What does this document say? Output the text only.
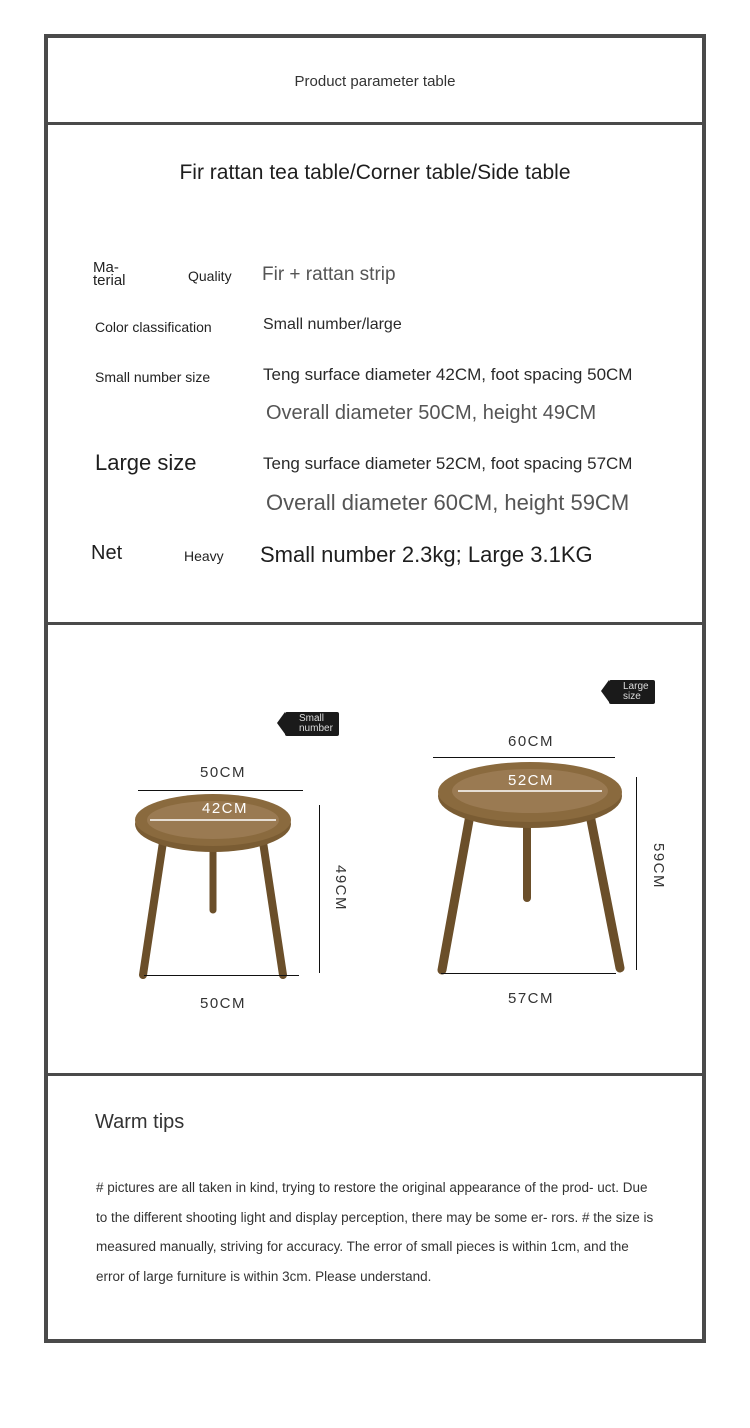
Product parameter table
Fir rattan tea table/Corner table/Side table
Ma-
terial	Quality Fir + rattan strip
Color classification	Small number/large
Small number size	Teng surface diameter 42CM, foot spacing 50CM
Overall diameter 50CM, height 49CM
Large size	Teng surface diameter 52CM, foot spacing 57CM
Overall diameter 60CM, height 59CM
Net	Heavy Small number 2.3kg; Large 3.1KG
Small
number
50CM
42CM
49CM
50CM
Large
size
60CM
52CM
59CM
57CM
Warm tips
# pictures are all taken in kind, trying to restore the original appearance of the prod- uct. Due to the different shooting light and display perception, there may be some er- rors. # the size is measured manually, striving for accuracy. The error of small pieces is within 1cm, and the error of large furniture is within 3cm. Please understand.
